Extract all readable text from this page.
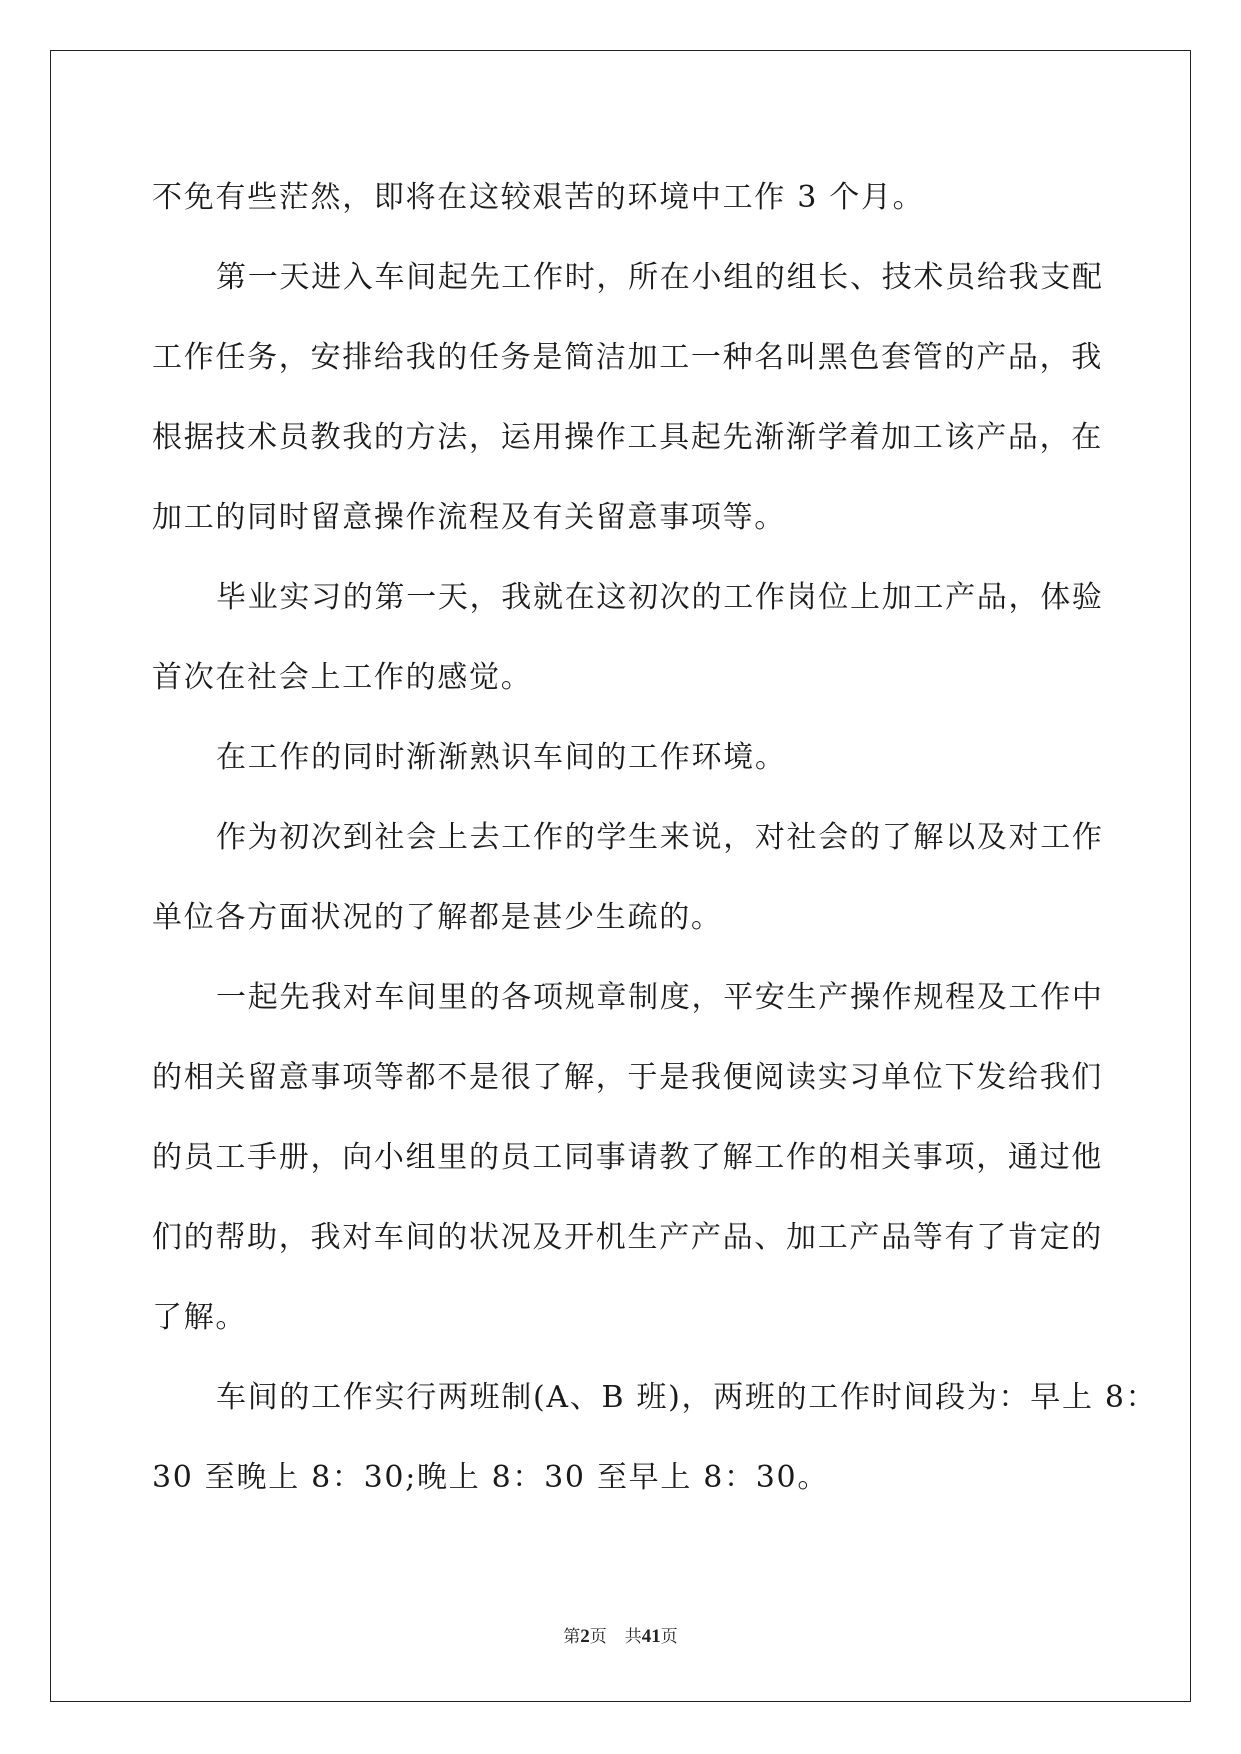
不免有些茫然，即将在这较艰苦的环境中工作 3 个月。

第一天进入车间起先工作时，所在小组的组长、技术员给我支配

工作任务，安排给我的任务是简洁加工一种名叫黑色套管的产品，我

根据技术员教我的方法，运用操作工具起先渐渐学着加工该产品，在

加工的同时留意操作流程及有关留意事项等。

毕业实习的第一天，我就在这初次的工作岗位上加工产品，体验

首次在社会上工作的感觉。

在工作的同时渐渐熟识车间的工作环境。

作为初次到社会上去工作的学生来说，对社会的了解以及对工作

单位各方面状况的了解都是甚少生疏的。

一起先我对车间里的各项规章制度，平安生产操作规程及工作中

的相关留意事项等都不是很了解，于是我便阅读实习单位下发给我们

的员工手册，向小组里的员工同事请教了解工作的相关事项，通过他

们的帮助，我对车间的状况及开机生产产品、加工产品等有了肯定的

了解。

车间的工作实行两班制(A、B 班)，两班的工作时间段为：早上 8：

30 至晚上 8：30;晚上 8：30 至早上 8：30。

第2页 共41页
